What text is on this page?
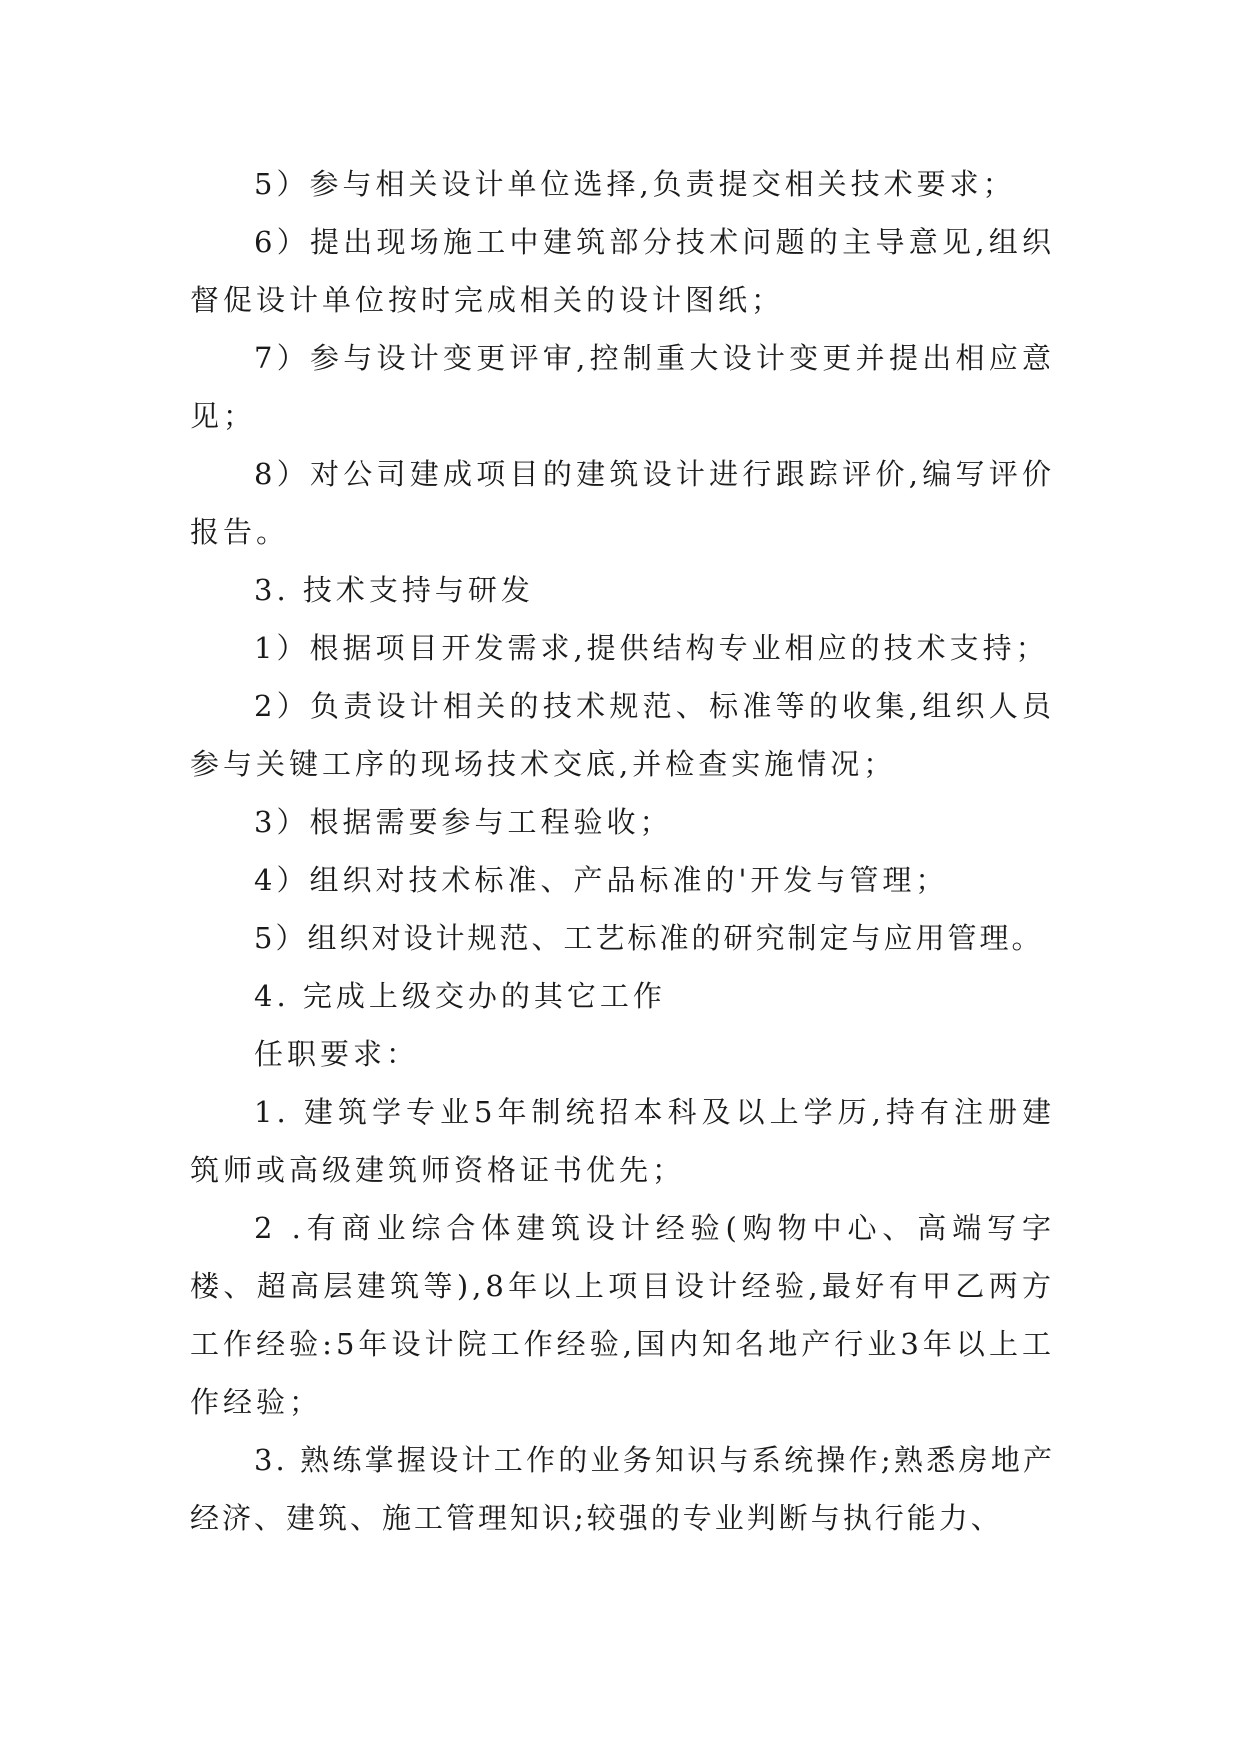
5）参与相关设计单位选择,负责提交相关技术要求；

6）提出现场施工中建筑部分技术问题的主导意见,组织督促设计单位按时完成相关的设计图纸；

7）参与设计变更评审,控制重大设计变更并提出相应意见；

8）对公司建成项目的建筑设计进行跟踪评价,编写评价报告。

3. 技术支持与研发

1）根据项目开发需求,提供结构专业相应的技术支持；

2）负责设计相关的技术规范、标准等的收集,组织人员参与关键工序的现场技术交底,并检查实施情况；

3）根据需要参与工程验收；

4）组织对技术标准、产品标准的'开发与管理；

5）组织对设计规范、工艺标准的研究制定与应用管理。

4. 完成上级交办的其它工作

任职要求：

1. 建筑学专业5年制统招本科及以上学历,持有注册建筑师或高级建筑师资格证书优先；

2 .有商业综合体建筑设计经验(购物中心、高端写字楼、超高层建筑等),8年以上项目设计经验,最好有甲乙两方工作经验:5年设计院工作经验,国内知名地产行业3年以上工作经验；

3. 熟练掌握设计工作的业务知识与系统操作;熟悉房地产经济、建筑、施工管理知识;较强的专业判断与执行能力、
